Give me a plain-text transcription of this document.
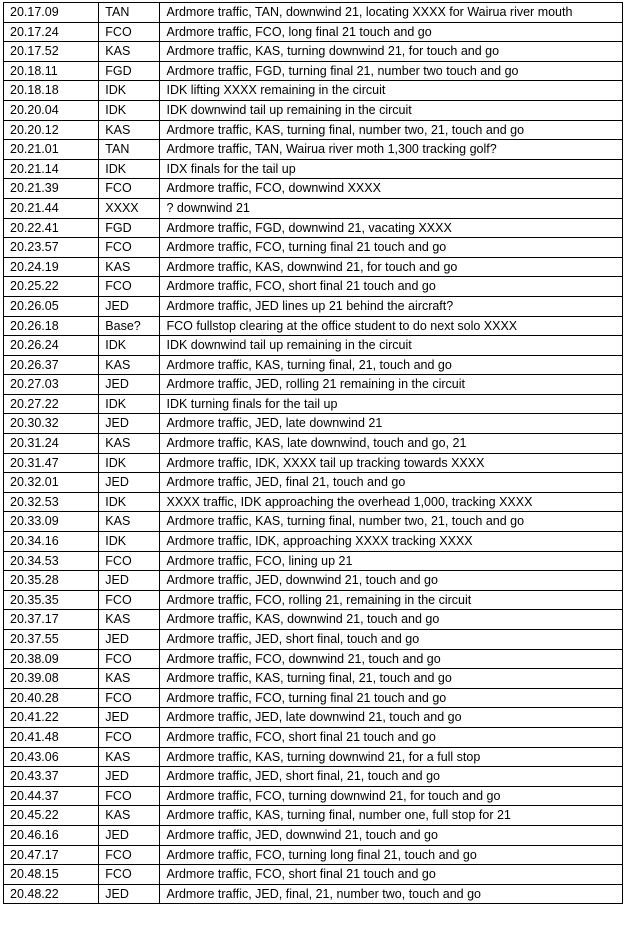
20.17.09	TAN	Ardmore traffic, TAN, downwind 21, locating XXXX for Wairua river mouth
20.17.24	FCO	Ardmore traffic, FCO, long final 21 touch and go
20.17.52	KAS	Ardmore traffic, KAS, turning downwind 21, for touch and go
20.18.11	FGD	Ardmore traffic, FGD, turning final 21, number two touch and go
20.18.18	IDK	IDK lifting XXXX remaining in the circuit
20.20.04	IDK	IDK downwind tail up remaining in the circuit
20.20.12	KAS	Ardmore traffic, KAS, turning final, number two, 21, touch and go
20.21.01	TAN	Ardmore traffic, TAN, Wairua river moth 1,300 tracking golf?
20.21.14	IDK	IDX finals for the tail up
20.21.39	FCO	Ardmore traffic, FCO, downwind XXXX
20.21.44	XXXX	? downwind 21
20.22.41	FGD	Ardmore traffic, FGD, downwind 21, vacating XXXX
20.23.57	FCO	Ardmore traffic, FCO, turning final 21 touch and go
20.24.19	KAS	Ardmore traffic, KAS, downwind 21, for touch and go
20.25.22	FCO	Ardmore traffic, FCO, short final 21 touch and go
20.26.05	JED	Ardmore traffic, JED lines up 21 behind the aircraft?
20.26.18	Base?	FCO fullstop clearing at the office student to do next solo XXXX
20.26.24	IDK	IDK downwind tail up remaining in the circuit
20.26.37	KAS	Ardmore traffic, KAS, turning final, 21, touch and go
20.27.03	JED	Ardmore traffic, JED, rolling 21 remaining in the circuit
20.27.22	IDK	IDK turning finals for the tail up
20.30.32	JED	Ardmore traffic, JED, late downwind 21
20.31.24	KAS	Ardmore traffic, KAS, late downwind, touch and go, 21
20.31.47	IDK	Ardmore traffic, IDK, XXXX tail up tracking towards XXXX
20.32.01	JED	Ardmore traffic, JED, final 21, touch and go
20.32.53	IDK	XXXX traffic, IDK approaching the overhead 1,000, tracking XXXX
20.33.09	KAS	Ardmore traffic, KAS, turning final, number two, 21, touch and go
20.34.16	IDK	Ardmore traffic, IDK, approaching XXXX tracking XXXX
20.34.53	FCO	Ardmore traffic, FCO, lining up 21
20.35.28	JED	Ardmore traffic, JED, downwind 21, touch and go
20.35.35	FCO	Ardmore traffic, FCO, rolling 21, remaining in the circuit
20.37.17	KAS	Ardmore traffic, KAS, downwind 21, touch and go
20.37.55	JED	Ardmore traffic, JED, short final, touch and go
20.38.09	FCO	Ardmore traffic, FCO, downwind 21, touch and go
20.39.08	KAS	Ardmore traffic, KAS, turning final, 21, touch and go
20.40.28	FCO	Ardmore traffic, FCO, turning final 21 touch and go
20.41.22	JED	Ardmore traffic, JED, late downwind 21, touch and go
20.41.48	FCO	Ardmore traffic, FCO, short final 21 touch and go
20.43.06	KAS	Ardmore traffic, KAS, turning downwind 21, for a full stop
20.43.37	JED	Ardmore traffic, JED, short final, 21, touch and go
20.44.37	FCO	Ardmore traffic, FCO, turning downwind 21, for touch and go
20.45.22	KAS	Ardmore traffic, KAS, turning final, number one, full stop for 21
20.46.16	JED	Ardmore traffic, JED, downwind 21, touch and go
20.47.17	FCO	Ardmore traffic, FCO, turning long final 21, touch and go
20.48.15	FCO	Ardmore traffic, FCO, short final 21 touch and go
20.48.22	JED	Ardmore traffic, JED, final, 21, number two, touch and go
